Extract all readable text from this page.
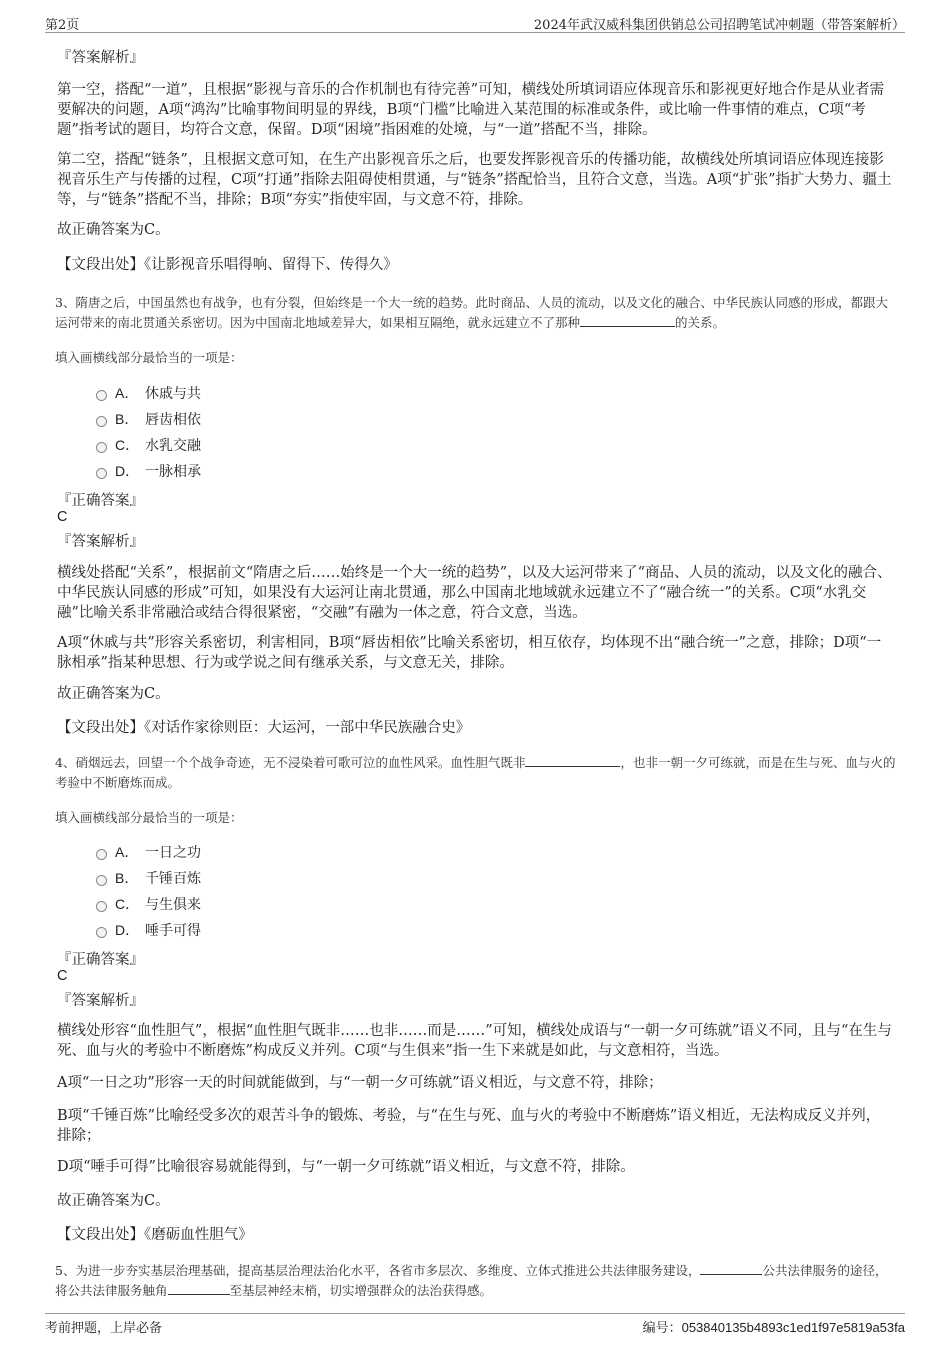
第2页	2024年武汉威科集团供销总公司招聘笔试冲刺题（带答案解析）
『答案解析』
第一空，搭配“一道”，且根据“影视与音乐的合作机制也有待完善”可知，横线处所填词语应体现音乐和影视更好地合作是从业者需要解决的问题，A项“鸿沟”比喻事物间明显的界线，B项“门槛”比喻进入某范围的标准或条件，或比喻一件事情的难点，C项“考题”指考试的题目，均符合文意，保留。D项“困境”指困难的处境，与“一道”搭配不当，排除。
第二空，搭配“链条”，且根据文意可知，在生产出影视音乐之后，也要发挥影视音乐的传播功能，故横线处所填词语应体现连接影视音乐生产与传播的过程，C项“打通”指除去阻碍使相贯通，与“链条”搭配恰当，且符合文意，当选。A项“扩张”指扩大势力、疆土等，与“链条”搭配不当，排除；B项“夯实”指使牢固，与文意不符，排除。
故正确答案为C。
【文段出处】《让影视音乐唱得响、留得下、传得久》
3、隋唐之后，中国虽然也有战争，也有分裂，但始终是一个大一统的趋势。此时商品、人员的流动，以及文化的融合、中华民族认同感的形成，都跟大运河带来的南北贯通关系密切。因为中国南北地域差异大，如果相互隔绝，就永远建立不了那种	的关系。
填入画横线部分最恰当的一项是：
A． 休戚与共
B． 唇齿相依
C． 水乳交融
D． 一脉相承
『正确答案』
C
『答案解析』
横线处搭配“关系”，根据前文“隋唐之后……始终是一个大一统的趋势”，以及大运河带来了“商品、人员的流动，以及文化的融合、中华民族认同感的形成”可知，如果没有大运河让南北贯通，那么中国南北地域就永远建立不了“融合统一”的关系。C项“水乳交融”比喻关系非常融洽或结合得很紧密，“交融”有融为一体之意，符合文意，当选。
A项“休戚与共”形容关系密切，利害相同，B项“唇齿相依”比喻关系密切，相互依存，均体现不出“融合统一”之意，排除；D项“一脉相承”指某种思想、行为或学说之间有继承关系，与文意无关，排除。
故正确答案为C。
【文段出处】《对话作家徐则臣：大运河，一部中华民族融合史》
4、硝烟远去，回望一个个战争奇迹，无不浸染着可歌可泣的血性风采。血性胆气既非	，也非一朝一夕可练就，而是在生与死、血与火的考验中不断磨炼而成。
填入画横线部分最恰当的一项是：
A． 一日之功
B． 千锤百炼
C． 与生俱来
D． 唾手可得
『正确答案』
C
『答案解析』
横线处形容“血性胆气”，根据“血性胆气既非……也非……而是……”可知，横线处成语与“一朝一夕可练就”语义不同，且与“在生与死、血与火的考验中不断磨炼”构成反义并列。C项“与生俱来”指一生下来就是如此，与文意相符，当选。
A项“一日之功”形容一天的时间就能做到，与“一朝一夕可练就”语义相近，与文意不符，排除；
B项“千锤百炼”比喻经受多次的艰苦斗争的锻炼、考验，与“在生与死、血与火的考验中不断磨炼”语义相近，无法构成反义并列，排除；
D项“唾手可得”比喻很容易就能得到，与“一朝一夕可练就”语义相近，与文意不符，排除。
故正确答案为C。
【文段出处】《磨砺血性胆气》
5、为进一步夯实基层治理基础，提高基层治理法治化水平，各省市多层次、多维度、立体式推进公共法律服务建设，	公共法律服务的途径，将公共法律服务触角	至基层神经末梢，切实增强群众的法治获得感。
考前押题，上岸必备	编号：053840135b4893c1ed1f97e5819a53fa
